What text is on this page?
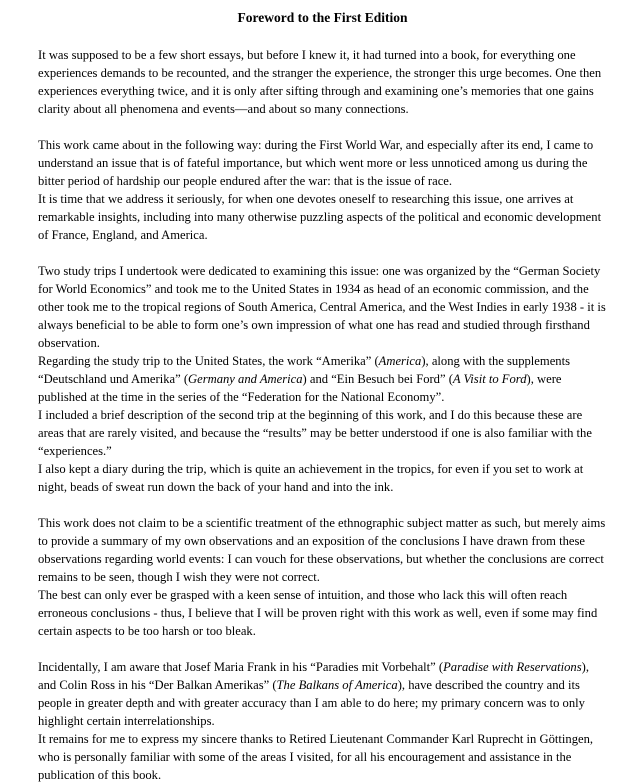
Foreword to the First Edition

It was supposed to be a few short essays, but before I knew it, it had turned into a book, for everything one experiences demands to be recounted, and the stranger the experience, the stronger this urge becomes. One then experiences everything twice, and it is only after sifting through and examining one’s memories that one gains clarity about all phenomena and events—and about so many connections.

This work came about in the following way: during the First World War, and especially after its end, I came to understand an issue that is of fateful importance, but which went more or less unnoticed among us during the bitter period of hardship our people endured after the war: that is the issue of race.

It is time that we address it seriously, for when one devotes oneself to researching this issue, one arrives at remarkable insights, including into many otherwise puzzling aspects of the political and economic development of France, England, and America.

Two study trips I undertook were dedicated to examining this issue: one was organized by the “German Society for World Economics” and took me to the United States in 1934 as head of an economic commission, and the other took me to the tropical regions of South America, Central America, and the West Indies in early 1938 - it is always beneficial to be able to form one’s own impression of what one has read and studied through firsthand observation.

Regarding the study trip to the United States, the work “Amerika” (America), along with the supplements “Deutschland und Amerika” (Germany and America) and “Ein Besuch bei Ford” (A Visit to Ford), were published at the time in the series of the “Federation for the National Economy”.

I included a brief description of the second trip at the beginning of this work, and I do this because these are areas that are rarely visited, and because the “results” may be better understood if one is also familiar with the “experiences.”

I also kept a diary during the trip, which is quite an achievement in the tropics, for even if you set to work at night, beads of sweat run down the back of your hand and into the ink.

This work does not claim to be a scientific treatment of the ethnographic subject matter as such, but merely aims to provide a summary of my own observations and an exposition of the conclusions I have drawn from these observations regarding world events: I can vouch for these observations, but whether the conclusions are correct remains to be seen, though I wish they were not correct.

The best can only ever be grasped with a keen sense of intuition, and those who lack this will often reach erroneous conclusions - thus, I believe that I will be proven right with this work as well, even if some may find certain aspects to be too harsh or too bleak.

Incidentally, I am aware that Josef Maria Frank in his “Paradies mit Vorbehalt” (Paradise with Reservations), and Colin Ross in his “Der Balkan Amerikas” (The Balkans of America), have described the country and its people in greater depth and with greater accuracy than I am able to do here; my primary concern was to only highlight certain interrelationships.

It remains for me to express my sincere thanks to Retired Lieutenant Commander Karl Ruprecht in Göttingen, who is personally familiar with some of the areas I visited, for all his encouragement and assistance in the publication of this book.
